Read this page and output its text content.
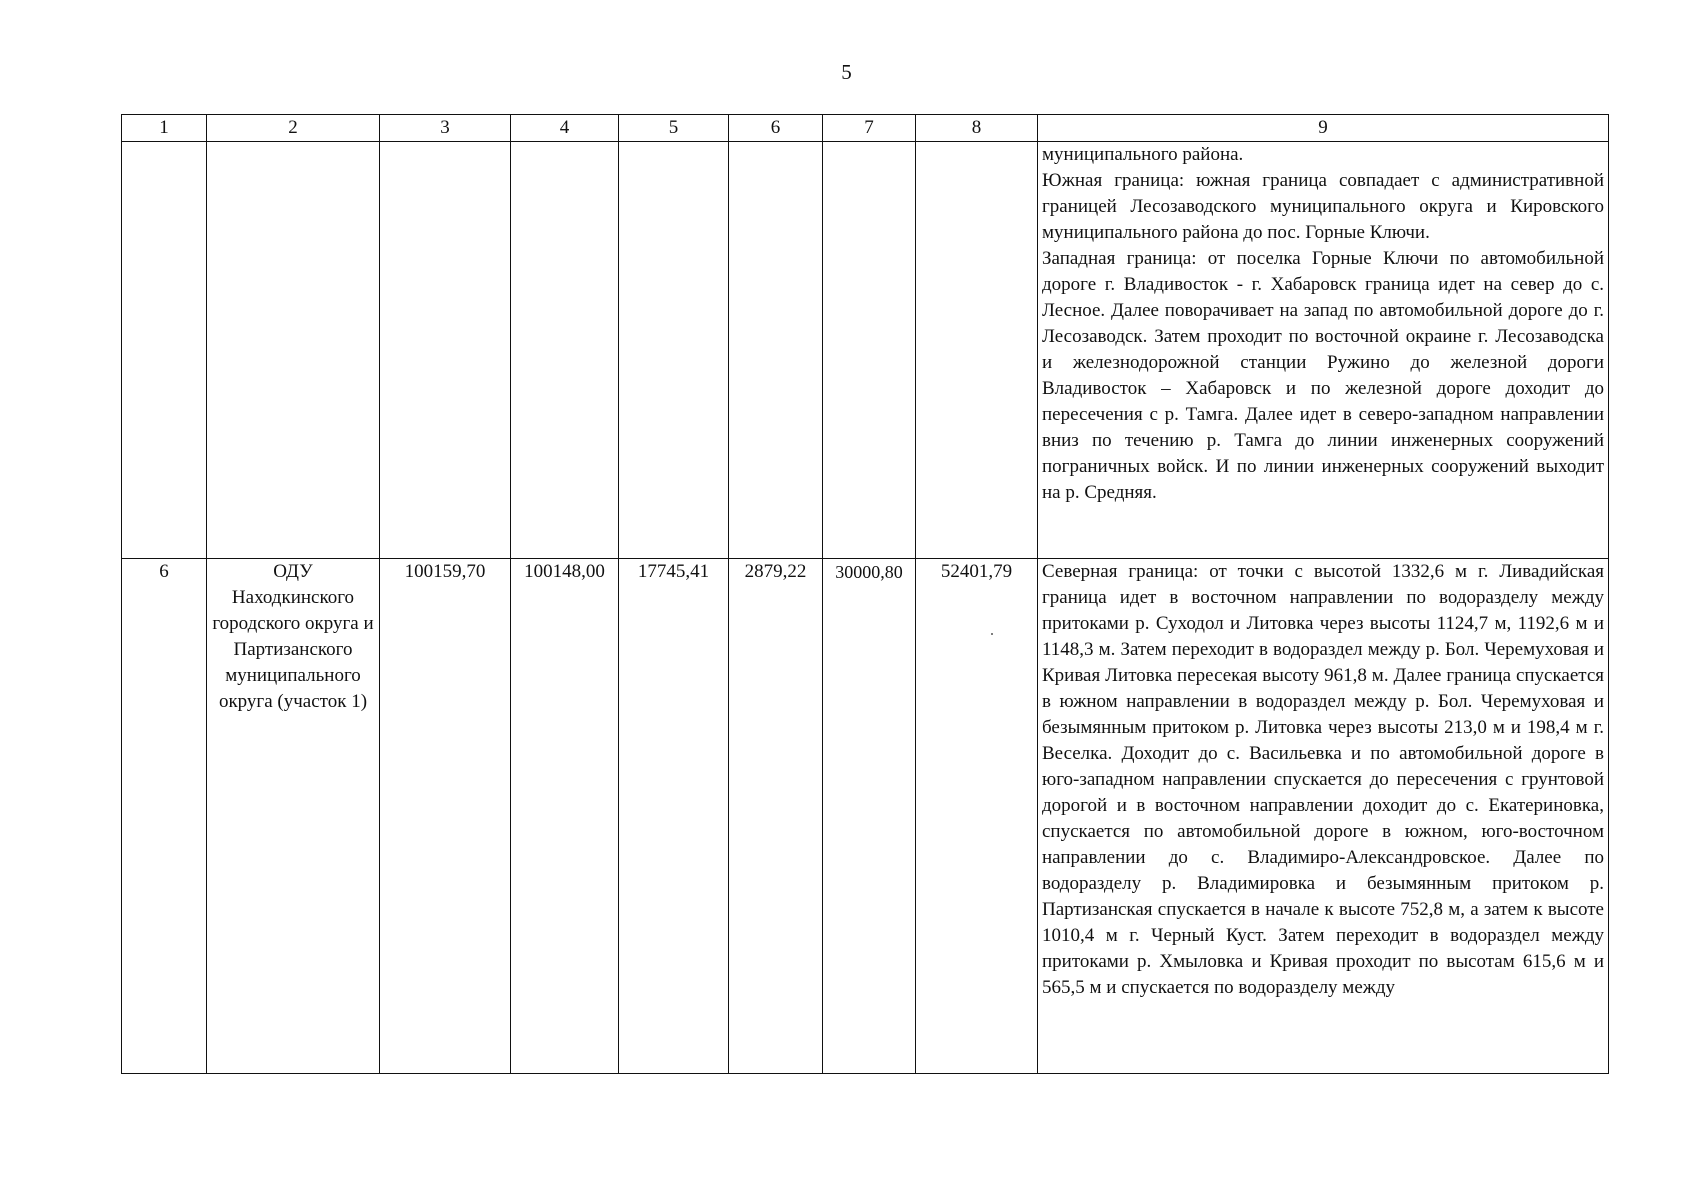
5
1	2	3	4	5	6	7	8	9

								муниципального района.

Южная граница: южная граница совпадает с административной границей Лесозаводского муниципального округа и Кировского муниципального района до пос. Горные Ключи.

Западная граница: от поселка Горные Ключи по автомобильной дороге г. Владивосток - г. Хабаровск граница идет на север до с. Лесное. Далее поворачивает на запад по автомобильной дороге до г. Лесозаводск. Затем проходит по восточной окраине г. Лесозаводска и железнодорожной станции Ружино до железной дороги Владивосток – Хабаровск и по железной дороге доходит до пересечения с р. Тамга. Далее идет в северо-западном направлении вниз по течению р. Тамга до линии инженерных сооружений пограничных войск. И по линии инженерных сооружений выходит на р. Средняя.

6	ОДУ Находкинского городского округа и Партизанского муниципального округа (участок 1)	100159,70	100148,00	17745,41	2879,22	30000,80	52401,79	Северная граница: от точки с высотой 1332,6 м г. Ливадийская граница идет в восточном направлении по водоразделу между притоками р. Суходол и Литовка через высоты 1124,7 м, 1192,6 м и 1148,3 м. Затем переходит в водораздел между р. Бол. Черемуховая и Кривая Литовка пересекая высоту 961,8 м. Далее граница спускается в южном направлении в водораздел между р. Бол. Черемуховая и безымянным притоком р. Литовка через высоты 213,0 м и 198,4 м г. Веселка. Доходит до с. Васильевка и по автомобильной дороге в юго-западном направлении спускается до пересечения с грунтовой дорогой и в восточном направлении доходит до с. Екатериновка, спускается по автомобильной дороге в южном, юго-восточном направлении до с. Владимиро-Александровское. Далее по водоразделу р. Владимировка и безымянным притоком р. Партизанская спускается в начале к высоте 752,8 м, а затем к высоте 1010,4 м г. Черный Куст. Затем переходит в водораздел между притоками р. Хмыловка и Кривая проходит по высотам 615,6 м и 565,5 м и спускается по водоразделу между
